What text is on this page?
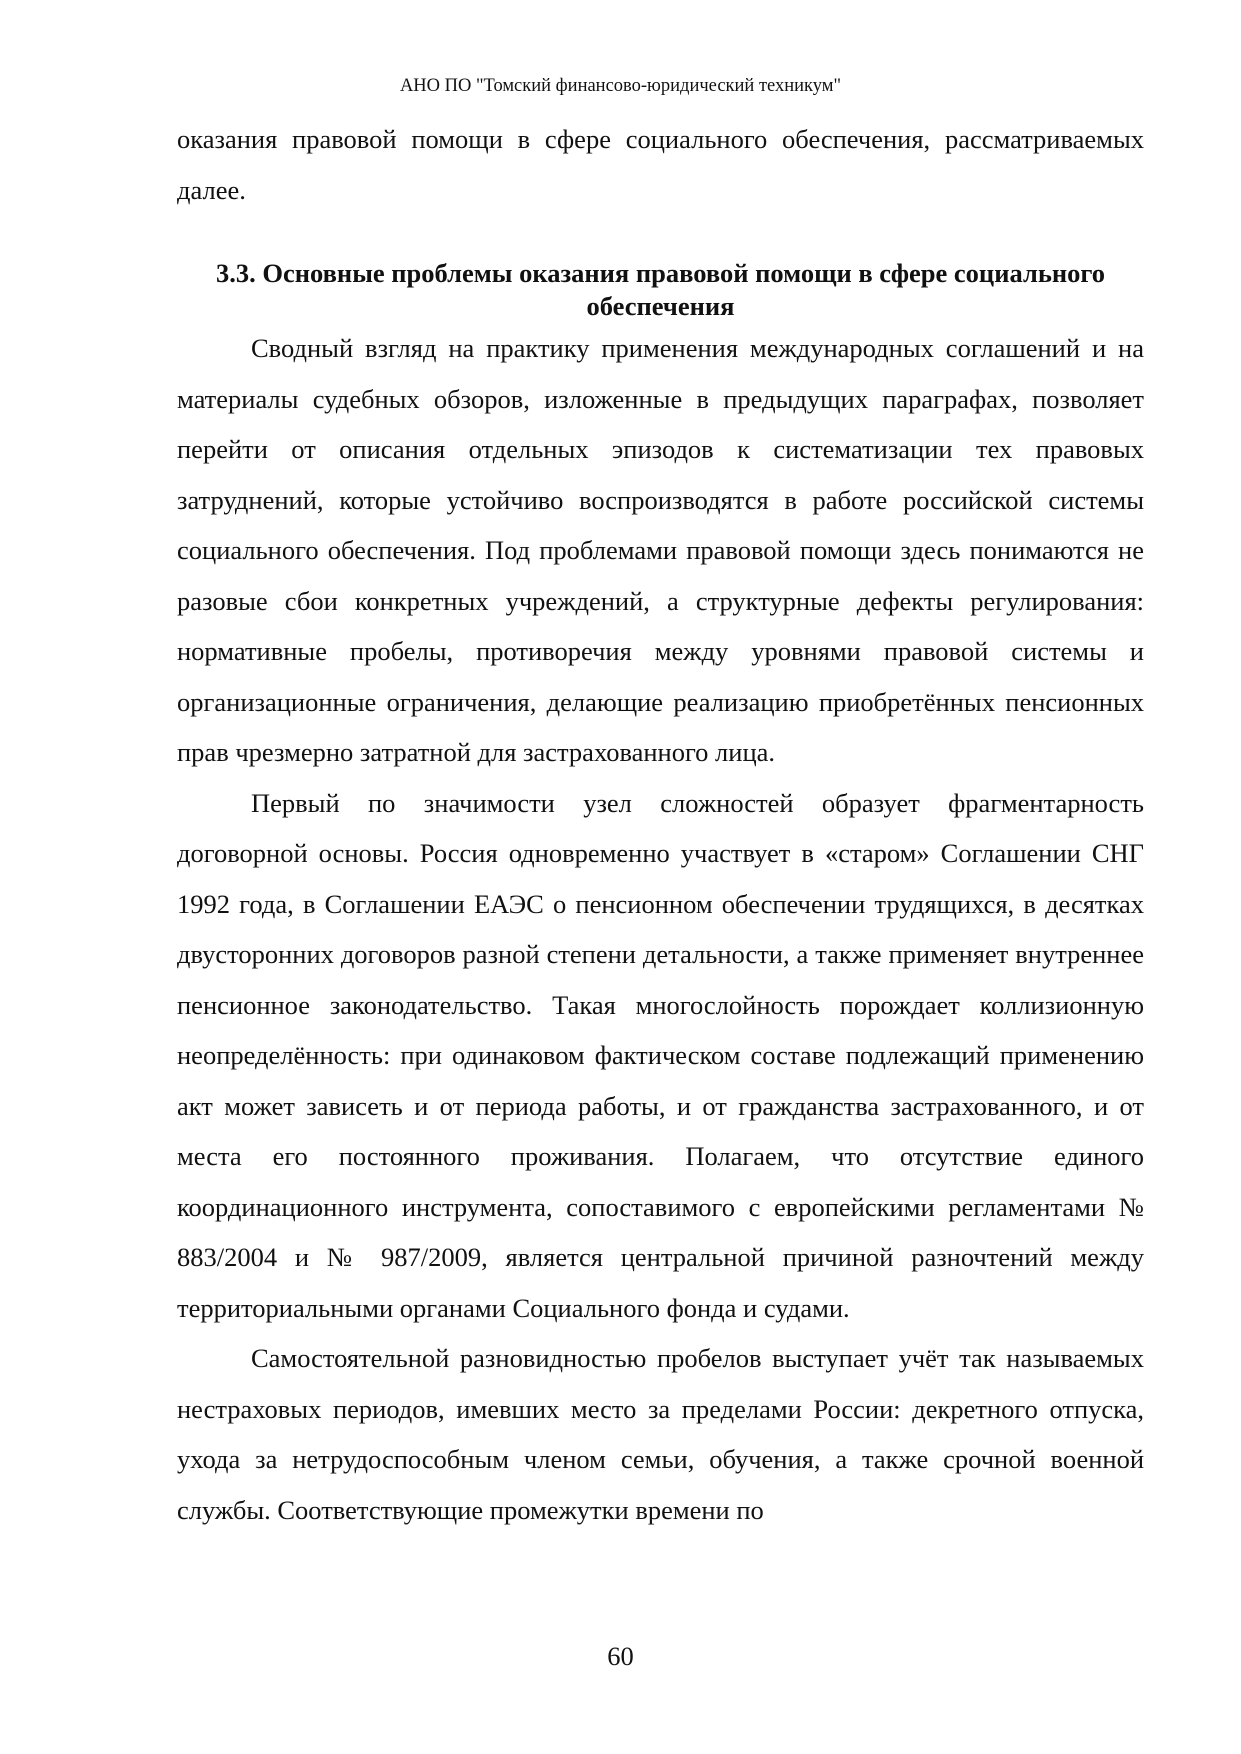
АНО ПО "Томский финансово-юридический техникум"

оказания правовой помощи в сфере социального обеспечения, рассматриваемых далее.

3.3. Основные проблемы оказания правовой помощи в сфере социального обеспечения

Сводный взгляд на практику применения международных соглашений и на материалы судебных обзоров, изложенные в предыдущих параграфах, позволяет перейти от описания отдельных эпизодов к систематизации тех правовых затруднений, которые устойчиво воспроизводятся в работе российской системы социального обеспечения. Под проблемами правовой помощи здесь понимаются не разовые сбои конкретных учреждений, а структурные дефекты регулирования: нормативные пробелы, противоречия между уровнями правовой системы и организационные ограничения, делающие реализацию приобретённых пенсионных прав чрезмерно затратной для застрахованного лица.

Первый по значимости узел сложностей образует фрагментарность договорной основы. Россия одновременно участвует в «старом» Соглашении СНГ 1992 года, в Соглашении ЕАЭС о пенсионном обеспечении трудящихся, в десятках двусторонних договоров разной степени детальности, а также применяет внутреннее пенсионное законодательство. Такая многослойность порождает коллизионную неопределённость: при одинаковом фактическом составе подлежащий применению акт может зависеть и от периода работы, и от гражданства застрахованного, и от места его постоянного проживания. Полагаем, что отсутствие единого координационного инструмента, сопоставимого с европейскими регламентами № 883/2004 и № 987/2009, является центральной причиной разночтений между территориальными органами Социального фонда и судами.

Самостоятельной разновидностью пробелов выступает учёт так называемых нестраховых периодов, имевших место за пределами России: декретного отпуска, ухода за нетрудоспособным членом семьи, обучения, а также срочной военной службы. Соответствующие промежутки времени по

60
